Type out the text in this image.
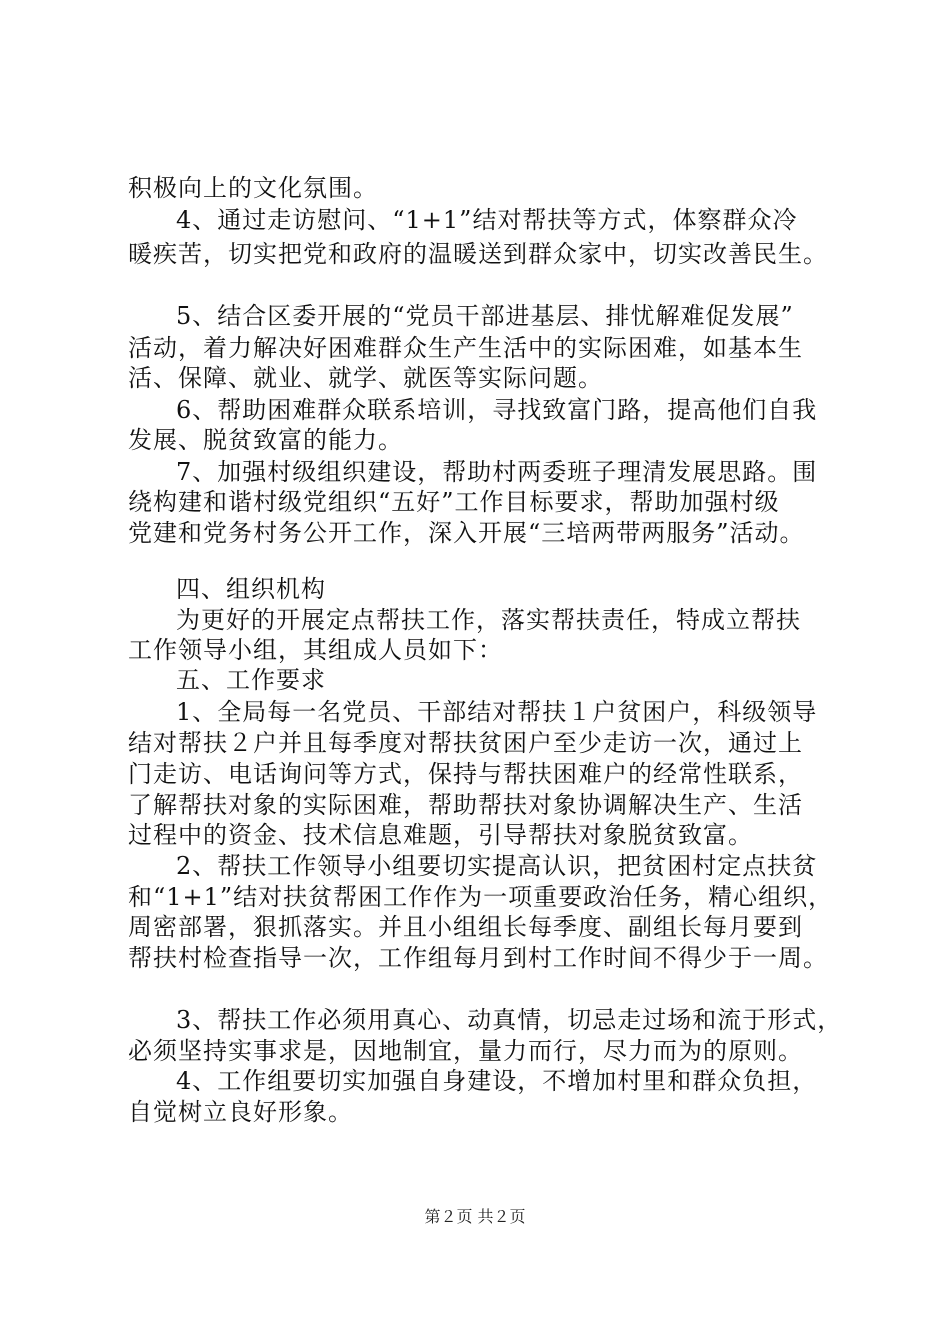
积极向上的文化氛围。
4、通过走访慰问、“1+1”结对帮扶等方式，体察群众冷
暖疾苦，切实把党和政府的温暖送到群众家中，切实改善民生。
5、结合区委开展的“党员干部进基层、排忧解难促发展”
活动，着力解决好困难群众生产生活中的实际困难，如基本生
活、保障、就业、就学、就医等实际问题。
6、帮助困难群众联系培训，寻找致富门路，提高他们自我
发展、脱贫致富的能力。
7、加强村级组织建设，帮助村两委班子理清发展思路。围
绕构建和谐村级党组织“五好”工作目标要求，帮助加强村级
党建和党务村务公开工作，深入开展“三培两带两服务”活动。
四、组织机构
为更好的开展定点帮扶工作，落实帮扶责任，特成立帮扶
工作领导小组，其组成人员如下：
五、工作要求
1、全局每一名党员、干部结对帮扶１户贫困户，科级领导
结对帮扶２户并且每季度对帮扶贫困户至少走访一次，通过上
门走访、电话询问等方式，保持与帮扶困难户的经常性联系，
了解帮扶对象的实际困难，帮助帮扶对象协调解决生产、生活
过程中的资金、技术信息难题，引导帮扶对象脱贫致富。
2、帮扶工作领导小组要切实提高认识，把贫困村定点扶贫
和“1+1”结对扶贫帮困工作作为一项重要政治任务，精心组织，
周密部署，狠抓落实。并且小组组长每季度、副组长每月要到
帮扶村检查指导一次，工作组每月到村工作时间不得少于一周。
3、帮扶工作必须用真心、动真情，切忌走过场和流于形式，
必须坚持实事求是，因地制宜，量力而行，尽力而为的原则。
4、工作组要切实加强自身建设，不增加村里和群众负担，
自觉树立良好形象。
第２页 共２页
